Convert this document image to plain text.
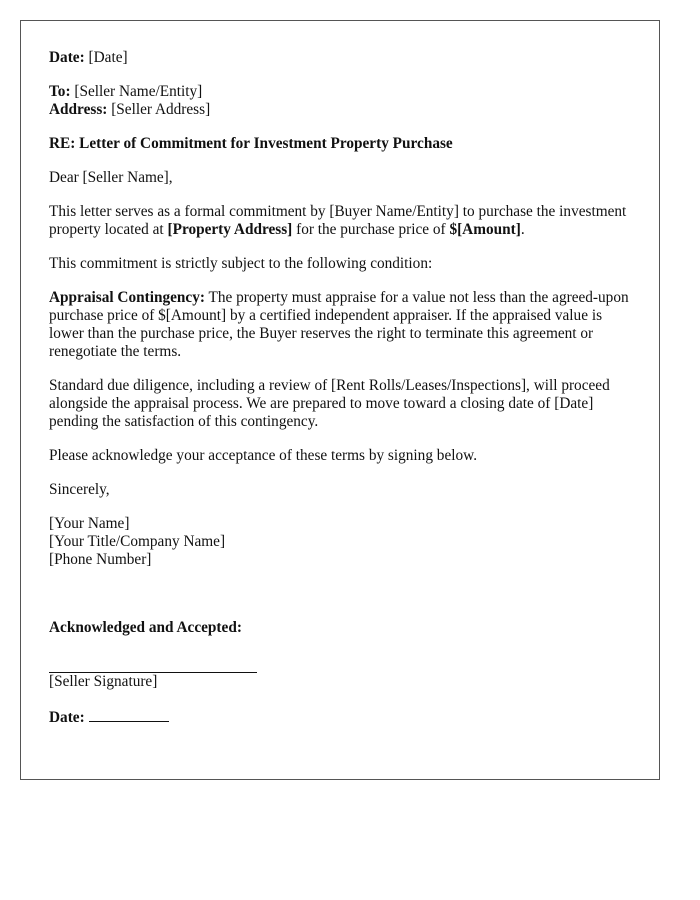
Date: [Date]
To: [Seller Name/Entity]
Address: [Seller Address]
RE: Letter of Commitment for Investment Property Purchase
Dear [Seller Name],
This letter serves as a formal commitment by [Buyer Name/Entity] to purchase the investment property located at [Property Address] for the purchase price of $[Amount].
This commitment is strictly subject to the following condition:
Appraisal Contingency: The property must appraise for a value not less than the agreed-upon purchase price of $[Amount] by a certified independent appraiser. If the appraised value is lower than the purchase price, the Buyer reserves the right to terminate this agreement or renegotiate the terms.
Standard due diligence, including a review of [Rent Rolls/Leases/Inspections], will proceed alongside the appraisal process. We are prepared to move toward a closing date of [Date] pending the satisfaction of this contingency.
Please acknowledge your acceptance of these terms by signing below.
Sincerely,
[Your Name]
[Your Title/Company Name]
[Phone Number]
Acknowledged and Accepted:
[Seller Signature]
Date:
